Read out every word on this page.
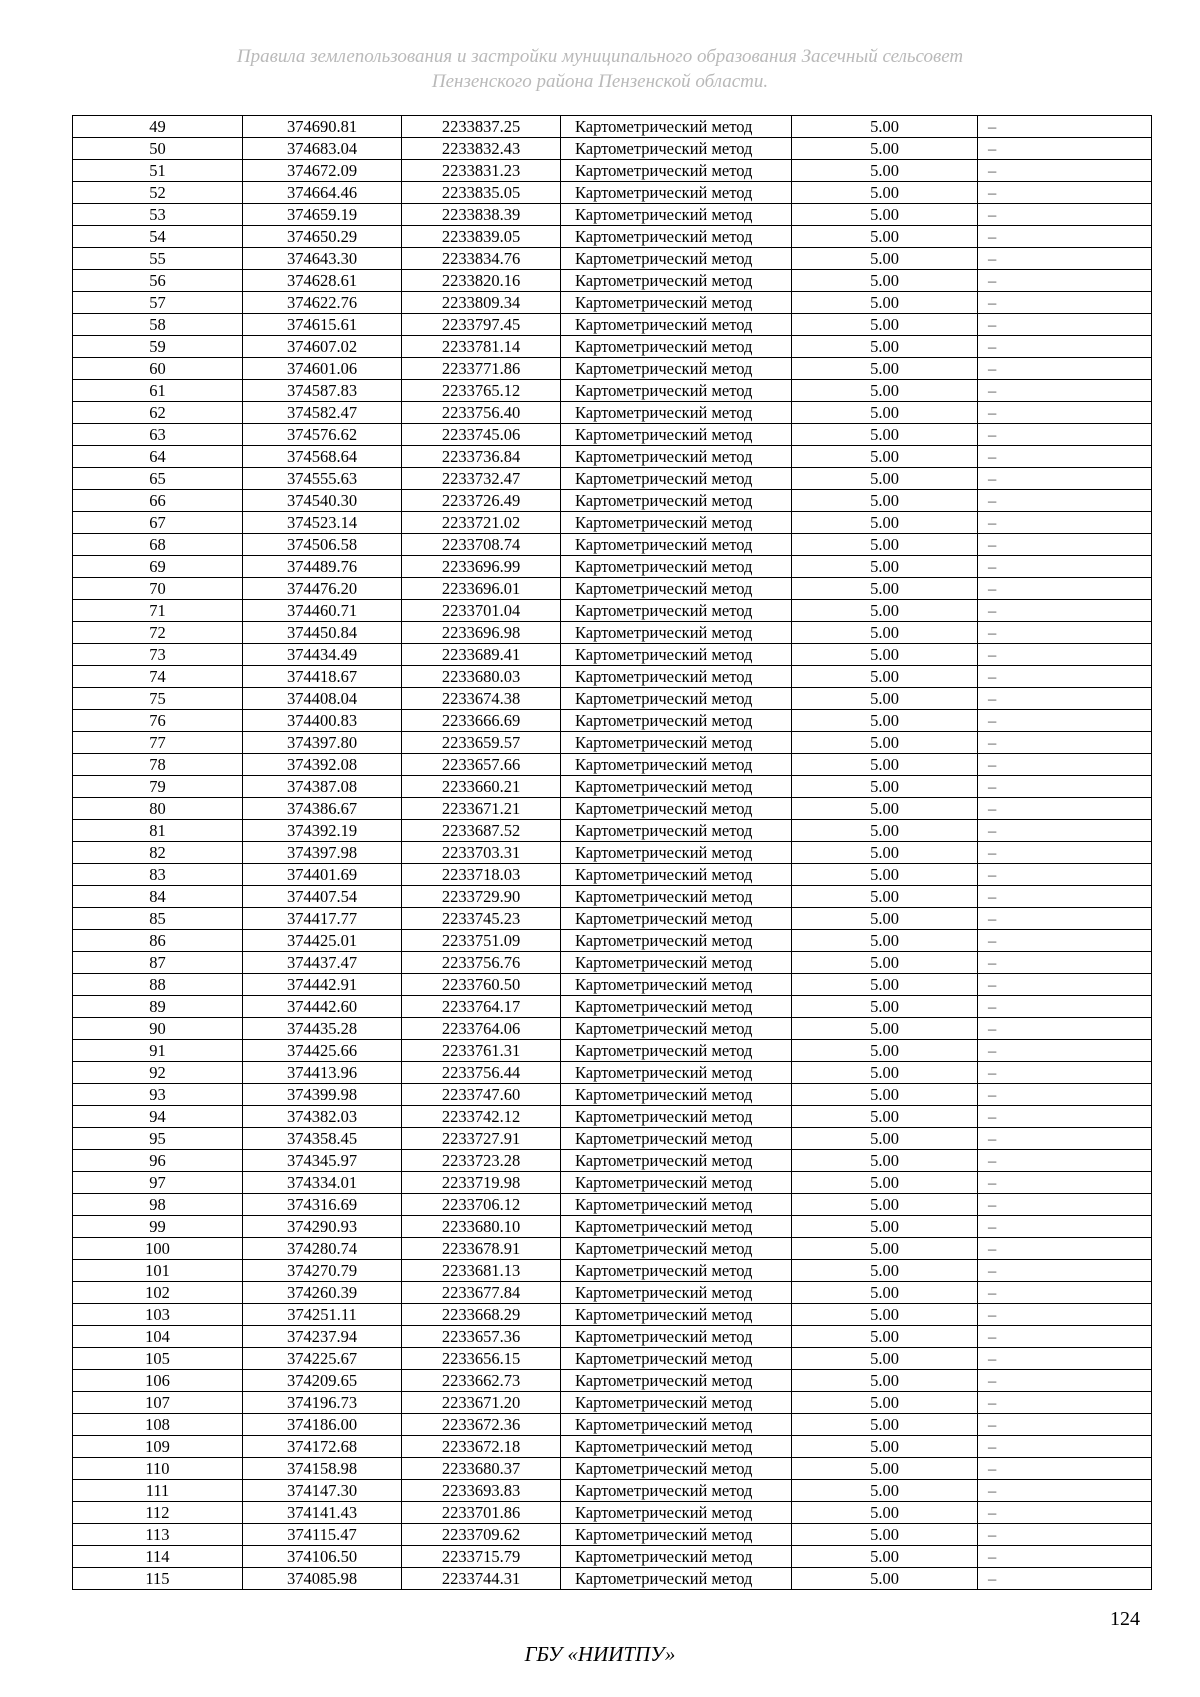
Правила землепользования и застройки муниципального образования Засечный сельсовет
Пензенского района Пензенской области.
49	374690.81	2233837.25	Картометрический метод	5.00	–
50	374683.04	2233832.43	Картометрический метод	5.00	–
51	374672.09	2233831.23	Картометрический метод	5.00	–
52	374664.46	2233835.05	Картометрический метод	5.00	–
53	374659.19	2233838.39	Картометрический метод	5.00	–
54	374650.29	2233839.05	Картометрический метод	5.00	–
55	374643.30	2233834.76	Картометрический метод	5.00	–
56	374628.61	2233820.16	Картометрический метод	5.00	–
57	374622.76	2233809.34	Картометрический метод	5.00	–
58	374615.61	2233797.45	Картометрический метод	5.00	–
59	374607.02	2233781.14	Картометрический метод	5.00	–
60	374601.06	2233771.86	Картометрический метод	5.00	–
61	374587.83	2233765.12	Картометрический метод	5.00	–
62	374582.47	2233756.40	Картометрический метод	5.00	–
63	374576.62	2233745.06	Картометрический метод	5.00	–
64	374568.64	2233736.84	Картометрический метод	5.00	–
65	374555.63	2233732.47	Картометрический метод	5.00	–
66	374540.30	2233726.49	Картометрический метод	5.00	–
67	374523.14	2233721.02	Картометрический метод	5.00	–
68	374506.58	2233708.74	Картометрический метод	5.00	–
69	374489.76	2233696.99	Картометрический метод	5.00	–
70	374476.20	2233696.01	Картометрический метод	5.00	–
71	374460.71	2233701.04	Картометрический метод	5.00	–
72	374450.84	2233696.98	Картометрический метод	5.00	–
73	374434.49	2233689.41	Картометрический метод	5.00	–
74	374418.67	2233680.03	Картометрический метод	5.00	–
75	374408.04	2233674.38	Картометрический метод	5.00	–
76	374400.83	2233666.69	Картометрический метод	5.00	–
77	374397.80	2233659.57	Картометрический метод	5.00	–
78	374392.08	2233657.66	Картометрический метод	5.00	–
79	374387.08	2233660.21	Картометрический метод	5.00	–
80	374386.67	2233671.21	Картометрический метод	5.00	–
81	374392.19	2233687.52	Картометрический метод	5.00	–
82	374397.98	2233703.31	Картометрический метод	5.00	–
83	374401.69	2233718.03	Картометрический метод	5.00	–
84	374407.54	2233729.90	Картометрический метод	5.00	–
85	374417.77	2233745.23	Картометрический метод	5.00	–
86	374425.01	2233751.09	Картометрический метод	5.00	–
87	374437.47	2233756.76	Картометрический метод	5.00	–
88	374442.91	2233760.50	Картометрический метод	5.00	–
89	374442.60	2233764.17	Картометрический метод	5.00	–
90	374435.28	2233764.06	Картометрический метод	5.00	–
91	374425.66	2233761.31	Картометрический метод	5.00	–
92	374413.96	2233756.44	Картометрический метод	5.00	–
93	374399.98	2233747.60	Картометрический метод	5.00	–
94	374382.03	2233742.12	Картометрический метод	5.00	–
95	374358.45	2233727.91	Картометрический метод	5.00	–
96	374345.97	2233723.28	Картометрический метод	5.00	–
97	374334.01	2233719.98	Картометрический метод	5.00	–
98	374316.69	2233706.12	Картометрический метод	5.00	–
99	374290.93	2233680.10	Картометрический метод	5.00	–
100	374280.74	2233678.91	Картометрический метод	5.00	–
101	374270.79	2233681.13	Картометрический метод	5.00	–
102	374260.39	2233677.84	Картометрический метод	5.00	–
103	374251.11	2233668.29	Картометрический метод	5.00	–
104	374237.94	2233657.36	Картометрический метод	5.00	–
105	374225.67	2233656.15	Картометрический метод	5.00	–
106	374209.65	2233662.73	Картометрический метод	5.00	–
107	374196.73	2233671.20	Картометрический метод	5.00	–
108	374186.00	2233672.36	Картометрический метод	5.00	–
109	374172.68	2233672.18	Картометрический метод	5.00	–
110	374158.98	2233680.37	Картометрический метод	5.00	–
111	374147.30	2233693.83	Картометрический метод	5.00	–
112	374141.43	2233701.86	Картометрический метод	5.00	–
113	374115.47	2233709.62	Картометрический метод	5.00	–
114	374106.50	2233715.79	Картометрический метод	5.00	–
115	374085.98	2233744.31	Картометрический метод	5.00	–
124
ГБУ «НИИТПУ»
